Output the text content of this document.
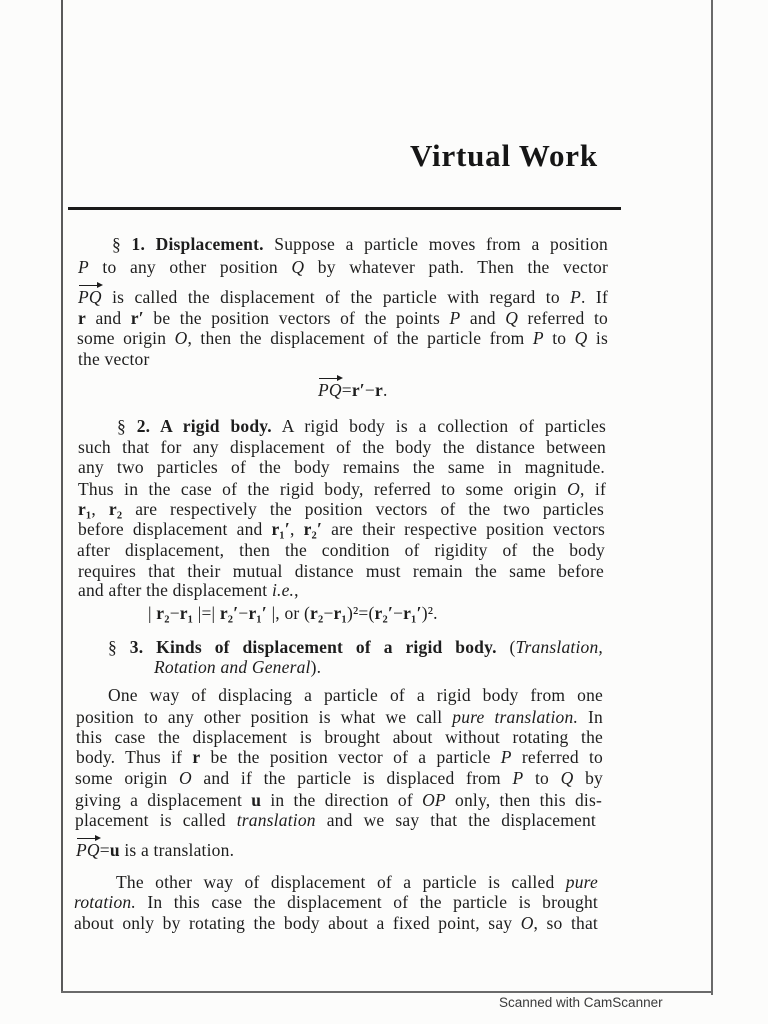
Virtual Work
§ 1. Displacement. Suppose a particle moves from a position
P to any other position Q by whatever path. Then the vector
PQ is called the displacement of the particle with regard to P. If
r and r′ be the position vectors of the points P and Q referred to
some origin O, then the displacement of the particle from P to Q is
the vector
PQ=r′−r.
§ 2. A rigid body. A rigid body is a collection of particles
such that for any displacement of the body the distance between
any two particles of the body remains the same in magnitude.
Thus in the case of the rigid body, referred to some origin O, if
r₁, r₂ are respectively the position vectors of the two particles
before displacement and r₁′, r₂′ are their respective position vectors
after displacement, then the condition of rigidity of the body
requires that their mutual distance must remain the same before
and after the displacement i.e.,
| r₂−r₁ |=| r₂′−r₁′ |, or (r₂−r₁)²=(r₂′−r₁′)².
§ 3. Kinds of displacement of a rigid body. (Translation,
Rotation and General).
One way of displacing a particle of a rigid body from one
position to any other position is what we call pure translation. In
this case the displacement is brought about without rotating the
body. Thus if r be the position vector of a particle P referred to
some origin O and if the particle is displaced from P to Q by
giving a displacement u in the direction of OP only, then this dis-
placement is called translation and we say that the displacement
PQ=u is a translation.
The other way of displacement of a particle is called pure
rotation. In this case the displacement of the particle is brought
about only by rotating the body about a fixed point, say O, so that
Scanned with CamScanner
